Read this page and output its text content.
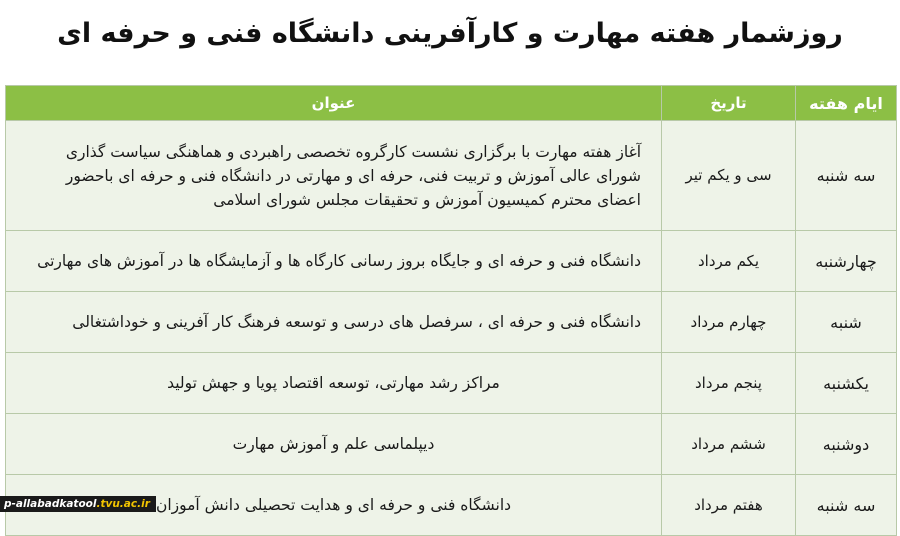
روزشمار هفته مهارت و کارآفرینی دانشگاه فنی و حرفه ای
ایام هفته	تاریخ	عنوان
سه شنبه	سی و یکم تیر	آغاز هفته مهارت با برگزاری نشست کارگروه تخصصی راهبردی و هماهنگی سیاست گذاری شورای عالی آموزش و تربیت فنی، حرفه ای و مهارتی در دانشگاه فنی و حرفه ای باحضور اعضای محترم کمیسیون آموزش و تحقیقات مجلس شورای اسلامی
چهارشنبه	یکم مرداد	دانشگاه فنی و حرفه ای و جایگاه بروز رسانی کارگاه ها و آزمایشگاه ها در آموزش های مهارتی
شنبه	چهارم مرداد	دانشگاه فنی و حرفه ای ، سرفصل های درسی و توسعه فرهنگ کار آفرینی و خوداشتغالی
یکشنبه	پنجم مرداد	مراکز رشد مهارتی، توسعه اقتصاد پویا و جهش تولید
دوشنبه	ششم مرداد	دیپلماسی علم و آموزش مهارت
سه شنبه	هفتم مرداد	دانشگاه فنی و حرفه ای و هدایت تحصیلی دانش آموزان
p-allabadkatool.tvu.ac.ir
